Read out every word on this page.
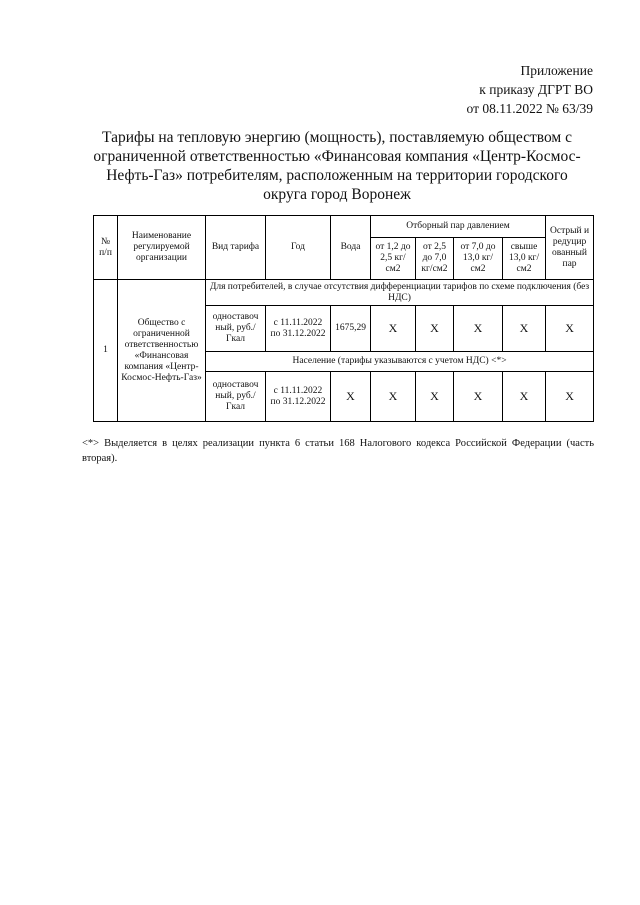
Приложение
к приказу ДГРТ ВО
от 08.11.2022 № 63/39
Тарифы на тепловую энергию (мощность), поставляемую обществом с ограниченной ответственностью «Финансовая компания «Центр-Космос-Нефть-Газ» потребителям, расположенным на территории городского округа город Воронеж
№ п/п	Наименование регулируемой организации	Вид тарифа	Год	Вода	Отборный пар давлением				Острый и редуцир ованный пар
					от 1,2 до 2,5 кг/см2	от 2,5 до 7,0 кг/см2	от 7,0 до 13,0 кг/см2	свыше 13,0 кг/см2	
1	Общество с ограниченной ответственностью «Финансовая компания «Центр-Космос-Нефть-Газ»	Для потребителей, в случае отсутствия дифференциации тарифов по схеме подключения (без НДС)							
		одноставоч ный, руб./Гкал	с 11.11.2022 по 31.12.2022	1675,29	Х	Х	Х	Х	Х
		Население (тарифы указываются с учетом НДС) <*>							
		одноставоч ный, руб./Гкал	с 11.11.2022 по 31.12.2022	Х	Х	Х	Х	Х	Х
<*> Выделяется в целях реализации пункта 6 статьи 168 Налогового кодекса Российской Федерации (часть вторая).
